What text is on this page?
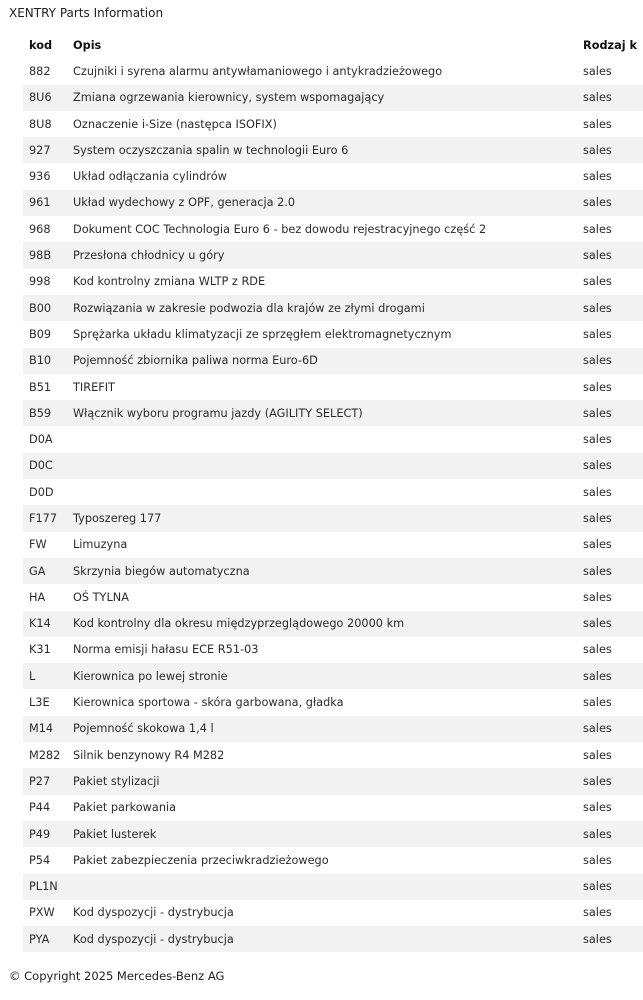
XENTRY Parts Information
kod	Opis	Rodzaj k
882	Czujniki i syrena alarmu antywłamaniowego i antykradzieżowego	sales
8U6	Zmiana ogrzewania kierownicy, system wspomagający	sales
8U8	Oznaczenie i-Size (następca ISOFIX)	sales
927	System oczyszczania spalin w technologii Euro 6	sales
936	Układ odłączania cylindrów	sales
961	Układ wydechowy z OPF, generacja 2.0	sales
968	Dokument COC Technologia Euro 6 - bez dowodu rejestracyjnego część 2	sales
98B	Przesłona chłodnicy u góry	sales
998	Kod kontrolny zmiana WLTP z RDE	sales
B00	Rozwiązania w zakresie podwozia dla krajów ze złymi drogami	sales
B09	Sprężarka układu klimatyzacji ze sprzęgłem elektromagnetycznym	sales
B10	Pojemność zbiornika paliwa norma Euro-6D	sales
B51	TIREFIT	sales
B59	Włącznik wyboru programu jazdy (AGILITY SELECT)	sales
D0A		sales
D0C		sales
D0D		sales
F177	Typoszereg 177	sales
FW	Limuzyna	sales
GA	Skrzynia biegów automatyczna	sales
HA	OŚ TYLNA	sales
K14	Kod kontrolny dla okresu międzyprzeglądowego 20000 km	sales
K31	Norma emisji hałasu ECE R51-03	sales
L	Kierownica po lewej stronie	sales
L3E	Kierownica sportowa - skóra garbowana, gładka	sales
M14	Pojemność skokowa 1,4 l	sales
M282	Silnik benzynowy R4 M282	sales
P27	Pakiet stylizacji	sales
P44	Pakiet parkowania	sales
P49	Pakiet lusterek	sales
P54	Pakiet zabezpieczenia przeciwkradzieżowego	sales
PL1N		sales
PXW	Kod dyspozycji - dystrybucja	sales
PYA	Kod dyspozycji - dystrybucja	sales
© Copyright 2025 Mercedes-Benz AG
